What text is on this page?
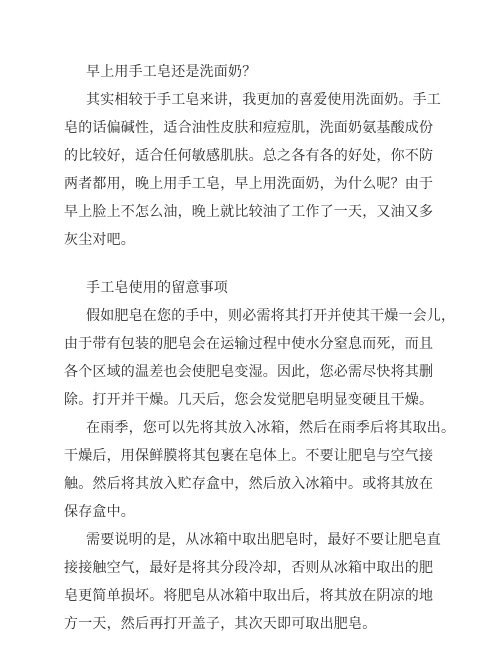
早上用手工皂还是洗面奶？
其实相较于手工皂来讲，我更加的喜爱使用洗面奶。手工
皂的话偏碱性，适合油性皮肤和痘痘肌，洗面奶氨基酸成份
的比较好，适合任何敏感肌肤。总之各有各的好处，你不防
两者都用，晚上用手工皂，早上用洗面奶，为什么呢？由于
早上脸上不怎么油，晚上就比较油了工作了一天，又油又多
灰尘对吧。
手工皂使用的留意事项
假如肥皂在您的手中，则必需将其打开并使其干燥一会儿，
由于带有包装的肥皂会在运输过程中使水分窒息而死，而且
各个区域的温差也会使肥皂变湿。因此，您必需尽快将其删
除。打开并干燥。几天后，您会发觉肥皂明显变硬且干燥。
在雨季，您可以先将其放入冰箱，然后在雨季后将其取出。
干燥后，用保鲜膜将其包裹在皂体上。不要让肥皂与空气接
触。然后将其放入贮存盒中，然后放入冰箱中。或将其放在
保存盒中。
需要说明的是，从冰箱中取出肥皂时，最好不要让肥皂直
接接触空气，最好是将其分段冷却，否则从冰箱中取出的肥
皂更简单损坏。将肥皂从冰箱中取出后，将其放在阴凉的地
方一天，然后再打开盖子，其次天即可取出肥皂。
